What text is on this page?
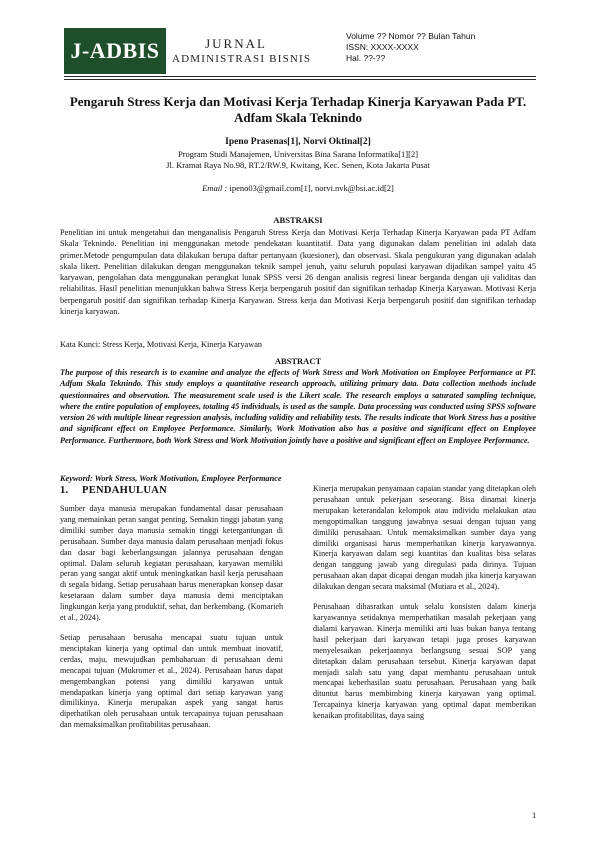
J-ADBIS	JURNAL
ADMINISTRASI BISNIS
Volume ?? Nomor ?? Bulan Tahun
ISSN: XXXX-XXXX
Hal. ??-??
Pengaruh Stress Kerja dan Motivasi Kerja Terhadap Kinerja Karyawan Pada PT. Adfam Skala Teknindo
Ipeno Prasenas[1], Norvi Oktinal[2]
Program Studi Manajemen, Universitas Bina Sarana Informatika[1][2]
Jl. Kramat Raya No.98, RT.2/RW.9, Kwitang, Kec. Senen, Kota Jakarta Pusat
Email : ipeno03@gmail.com[1], norvi.nvk@bsi.ac.id[2]
ABSTRAKSI
Penelitian ini untuk mengetahui dan menganalisis Pengaruh Stress Kerja dan Motivasi Kerja Terhadap Kinerja Karyawan pada PT Adfam Skala Teknindo. Penelitian ini menggunakan metode pendekatan kuantitatif. Data yang digunakan dalam penelitian ini adalah data primer.Metode pengumpulan data dilakukan berupa daftar pertanyaan (kuesioner), dan observasi. Skala pengukuran yang digunakan adalah skala likert. Penelitian dilakukan dengan menggunakan teknik sampel jenuh, yaitu seluruh populasi karyawan dijadikan sampel yaitu 45 karyawan, pengolahan data menggunakan perangkat lunak SPSS versi 26 dengan analisis regresi linear berganda dengan uji validitas dan reliabilitas. Hasil penelitian menunjukkan bahwa Stress Kerja berpengaruh positif dan signifikan terhadap Kinerja Karyawan. Motivasi Kerja berpengaruh positif dan signifikan terhadap Kinerja Karyawan. Stress kerja dan Motivasi Kerja berpengaruh positif dan signifikan terhadap kinerja karyawan.
Kata Kunci: Stress Kerja, Motivasi Kerja, Kinerja Karyawan
ABSTRACT
The purpose of this research is to examine and analyze the effects of Work Stress and Work Motivation on Employee Performance at PT. Adfam Skala Teknindo. This study employs a quantitative research approach, utilizing primary data. Data collection methods include questionnaires and observation. The measurement scale used is the Likert scale. The research employs a saturated sampling technique, where the entire population of employees, totaling 45 individuals, is used as the sample. Data processing was conducted using SPSS software version 26 with multiple linear regression analysis, including validity and reliability tests. The results indicate that Work Stress has a positive and significant effect on Employee Performance. Similarly, Work Motivation also has a positive and significant effect on Employee Performance. Furthermore, both Work Stress and Work Motivation jointly have a positive and significant effect on Employee Performance.
Keyword: Work Stress, Work Motivation, Employee Performance
1. PENDAHULUAN

Sumber daya manusia merupakan fundamental dasar perusahaan yang memainkan peran sangat penting. Semakin tinggi jabatan yang dimiliki sumber daya manusia semakin tinggi ketergantungan di perusahaan. Sumber daya manusia dalam perusahaan menjadi fokus dan dasar bagi keberlangsungan jalannya perusahaan dengan optimal. Dalam seluruh kegiatan perusahaan, karyawan memiliki peran yang sangat aktif untuk meningkatkan hasil kerja perusahaan di segala bidang. Setiap perusahaan harus menerapkan konsep dasar kesetaraan dalam sumber daya manusia demi menciptakan lingkungan kerja yang produktif, sehat, dan berkembang. (Komarieh et al., 2024).

Setiap perusahaan berusaha mencapai suatu tujuan untuk menciptakan kinerja yang optimal dan untuk membuat inovatif, cerdas, maju, mewujudkan pembaharuan di perusahaan demi mencapai tujuan (Mukromer et al., 2024). Perusahaan harus dapat mengembangkan potensi yang dimiliki karyawan untuk mendapatkan kinerja yang optimal dari setiap karyawan yang dimilikinya. Kinerja merupakan aspek yang sangat harus diperhatikan oleh perusahaan untuk tercapainya tujuan perusahaan dan memaksimalkan profitabilitas perusahaan.

Kinerja merupakan penyamaan capaian standar yang ditetapkan oleh perusahaan untuk pekerjaan seseorang. Bisa dinamai kinerja merupakan keterandalan kelompok atau individu melakukan atau mengoptimalkan tanggung jawabnya sesuai dengan tujuan yang dimiliki perusahaan. Untuk memaksimalkan sumber daya yang dimiliki organisasi harus memperhatikan kinerja karyawannya. Kinerja karyawan dalam segi kuantitas dan kualitas bisa selaras dengan tanggung jawab yang diregulasi pada dirinya. Tujuan perusahaan akan dapat dicapai dengan mudah jika kinerja karyawan dilakukan dengan secara maksimal (Mutiara et al., 2024).

Perusahaan dihasratkan untuk selalu konsisten dalam kinerja karyawannya setidaknya memperhatikan masalah pekerjaan yang dialami karyawan. Kinerja memiliki arti luas bukan hanya tentang hasil pekerjaan dari karyawan tetapi juga proses karyawan menyelesaikan pekerjaannya berlangsung sesuai SOP yang ditetapkan dalam perusahaan tersebut. Kinerja karyawan dapat menjadi salah satu yang dapat membantu perusahaan untuk mencapai keberhasilan suatu perusahaan. Perusahaan yang baik dituntut harus membimbing kinerja karyawan yang optimal. Tercapainya kinerja karyawan yang optimal dapat memberikan kenaikan profitabilitas, daya saing

1
